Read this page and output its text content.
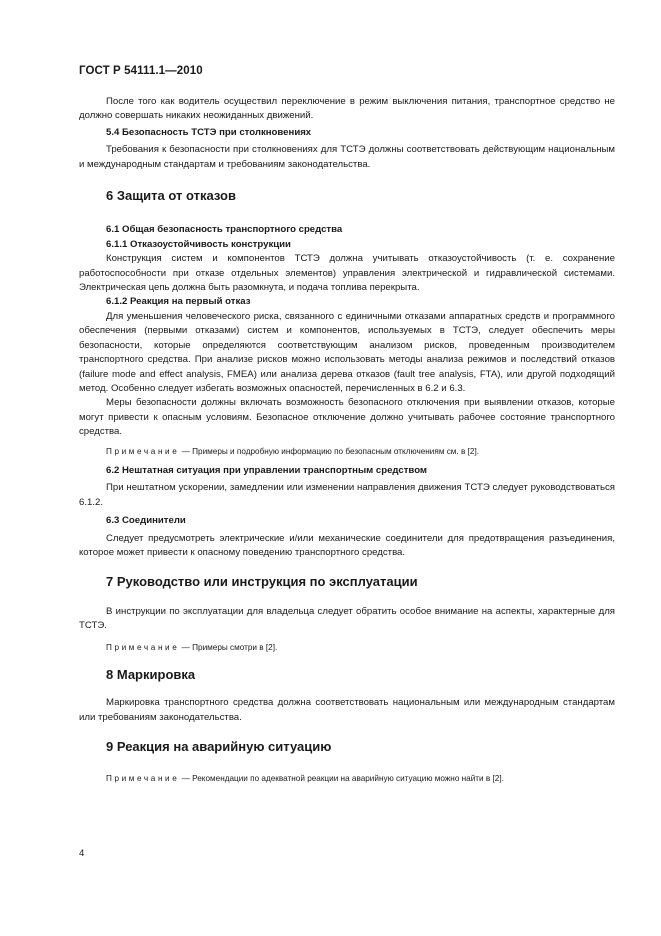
ГОСТ Р 54111.1—2010

После того как водитель осуществил переключение в режим выключения питания, транспортное средство не должно совершать никаких неожиданных движений.

5.4 Безопасность ТСТЭ при столкновениях

Требования к безопасности при столкновениях для ТСТЭ должны соответствовать действующим национальным и международным стандартам и требованиям законодательства.

6 Защита от отказов
6.1 Общая безопасность транспортного средства
6.1.1 Отказоустойчивость конструкции

Конструкция систем и компонентов ТСТЭ должна учитывать отказоустойчивость (т. е. сохранение работоспособности при отказе отдельных элементов) управления электрической и гидравлической системами. Электрическая цепь должна быть разомкнута, и подача топлива перекрыта.

6.1.2 Реакция на первый отказ

Для уменьшения человеческого риска, связанного с единичными отказами аппаратных средств и программного обеспечения (первыми отказами) систем и компонентов, используемых в ТСТЭ, следует обеспечить меры безопасности, которые определяются соответствующим анализом рисков, проведенным производителем транспортного средства. При анализе рисков можно использовать методы анализа режимов и последствий отказов (failure mode and effect analysis, FMEA) или анализа дерева отказов (fault tree analysis, FTA), или другой подходящий метод. Особенно следует избегать возможных опасностей, перечисленных в 6.2 и 6.3.

Меры безопасности должны включать возможность безопасного отключения при выявлении отказов, которые могут привести к опасным условиям. Безопасное отключение должно учитывать рабочее состояние транспортного средства.

Примечание — Примеры и подробную информацию по безопасным отключениям см. в [2].
6.2 Нештатная ситуация при управлении транспортным средством

При нештатном ускорении, замедлении или изменении направления движения ТСТЭ следует руководствоваться 6.1.2.

6.3 Соединители

Следует предусмотреть электрические и/или механические соединители для предотвращения разъединения, которое может привести к опасному поведению транспортного средства.

7 Руководство или инструкция по эксплуатации

В инструкции по эксплуатации для владельца следует обратить особое внимание на аспекты, характерные для ТСТЭ.

Примечание — Примеры смотри в [2].
8 Маркировка

Маркировка транспортного средства должна соответствовать национальным или международным стандартам или требованиям законодательства.

9 Реакция на аварийную ситуацию
Примечание — Рекомендации по адекватной реакции на аварийную ситуацию можно найти в [2].
4
